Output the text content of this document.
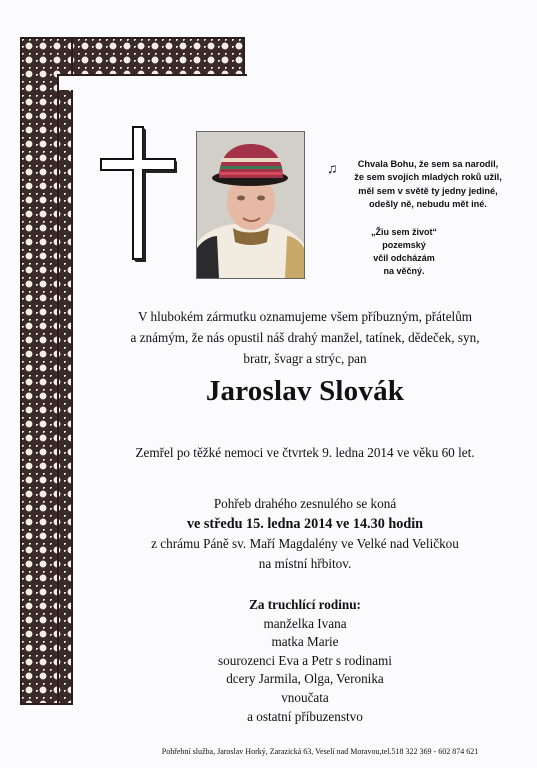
♫	Chvala Bohu, že sem sa narodil,
že sem svojích mladých roků užil,
měl sem v světě ty jedny jediné,
odešly ně, nebudu mět iné.
„Žiu sem život“
pozemský
včil odcházám
na věčný.
V hlubokém zármutku oznamujeme všem příbuzným, přátelům
a známým, že nás opustil náš drahý manžel, tatínek, dědeček, syn,
bratr, švagr a strýc, pan
Jaroslav Slovák
Zemřel po těžké nemoci ve čtvrtek 9. ledna 2014 ve věku 60 let.
Pohřeb drahého zesnulého se koná
ve středu 15. ledna 2014 ve 14.30 hodin
z chrámu Páně sv. Maří Magdalény ve Velké nad Veličkou
na místní hřbitov.
Za truchlící rodinu:
manželka Ivana
matka Marie
sourozenci Eva a Petr s rodinami
dcery Jarmila, Olga, Veronika
vnoučata
a ostatní příbuzenstvo
Pohřební služba, Jaroslav Horký, Zarazická 63, Veselí nad Moravou,tel.518 322 369 - 602 874 621
